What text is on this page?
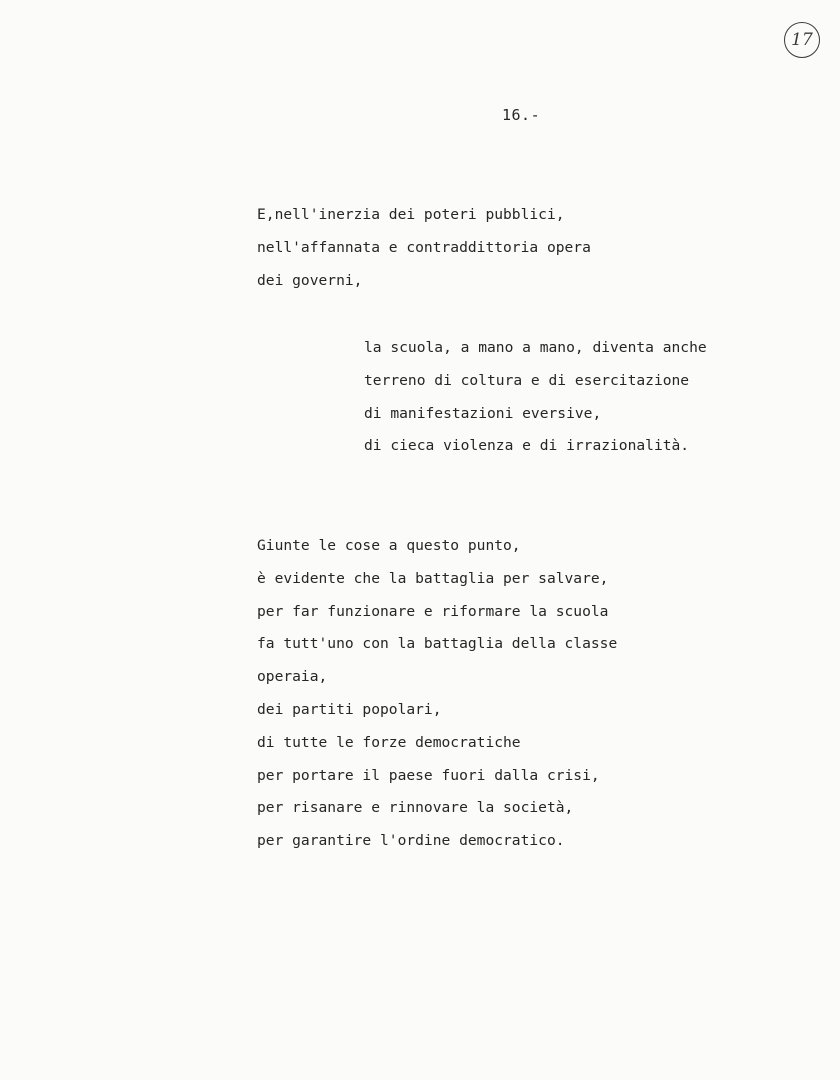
17
16.-
E,nell'inerzia dei poteri pubblici,
nell'affannata e contraddittoria opera
dei governi,
la scuola, a mano a mano, diventa anche
terreno di coltura e di esercitazione
di manifestazioni eversive,
di cieca violenza e di irrazionalità.
Giunte le cose a questo punto,
è evidente che la battaglia per salvare,
per far funzionare e riformare la scuola
fa tutt'uno con la battaglia della classe
operaia,
dei partiti popolari,
di tutte le forze democratiche
per portare il paese fuori dalla crisi,
per risanare e rinnovare la società,
per garantire l'ordine democratico.
